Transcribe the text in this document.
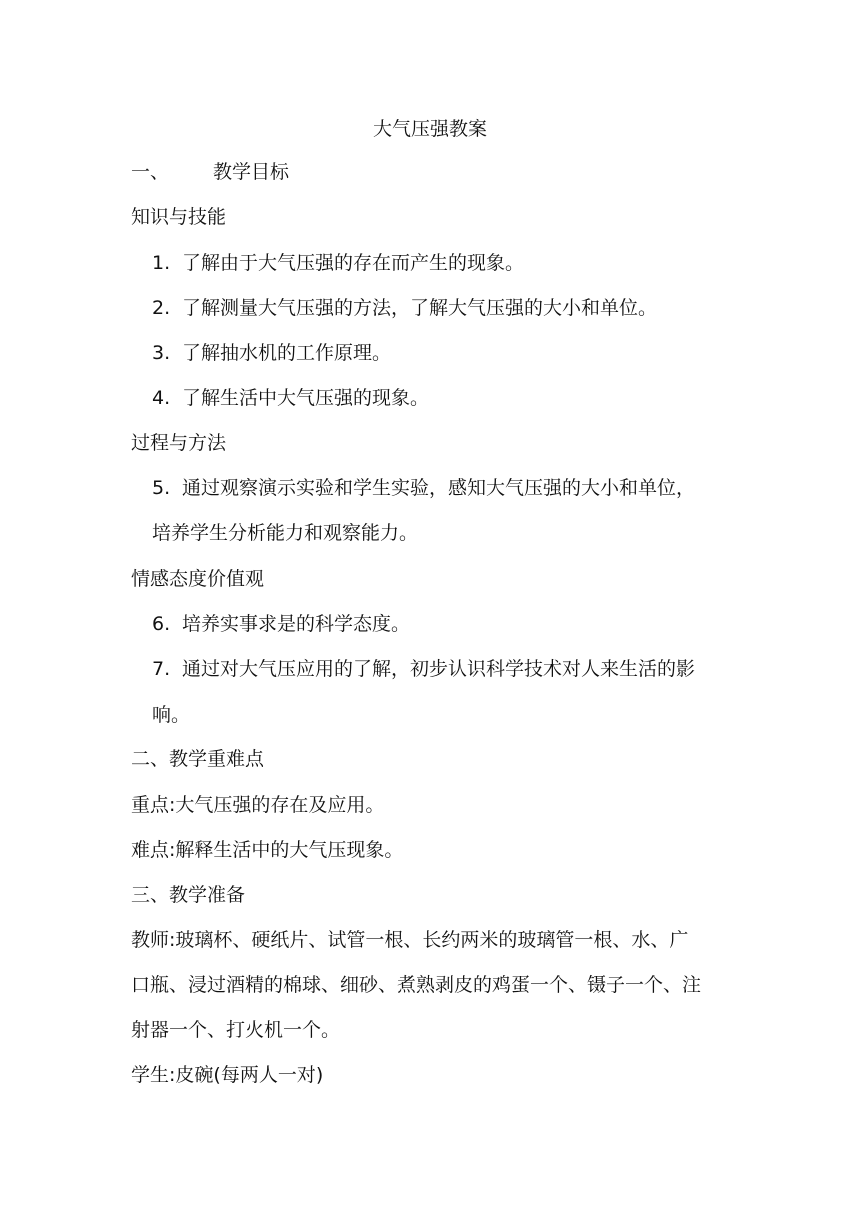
大气压强教案
一、 教学目标
知识与技能
1. 了解由于大气压强的存在而产生的现象。
2. 了解测量大气压强的方法，了解大气压强的大小和单位。
3. 了解抽水机的工作原理。
4. 了解生活中大气压强的现象。
过程与方法
5. 通过观察演示实验和学生实验，感知大气压强的大小和单位，
培养学生分析能力和观察能力。
情感态度价值观
6. 培养实事求是的科学态度。
7. 通过对大气压应用的了解，初步认识科学技术对人来生活的影
响。
二、教学重难点
重点:大气压强的存在及应用。
难点:解释生活中的大气压现象。
三、教学准备
教师:玻璃杯、硬纸片、试管一根、长约两米的玻璃管一根、水、广
口瓶、浸过酒精的棉球、细砂、煮熟剥皮的鸡蛋一个、镊子一个、注
射器一个、打火机一个。
学生:皮碗(每两人一对)
